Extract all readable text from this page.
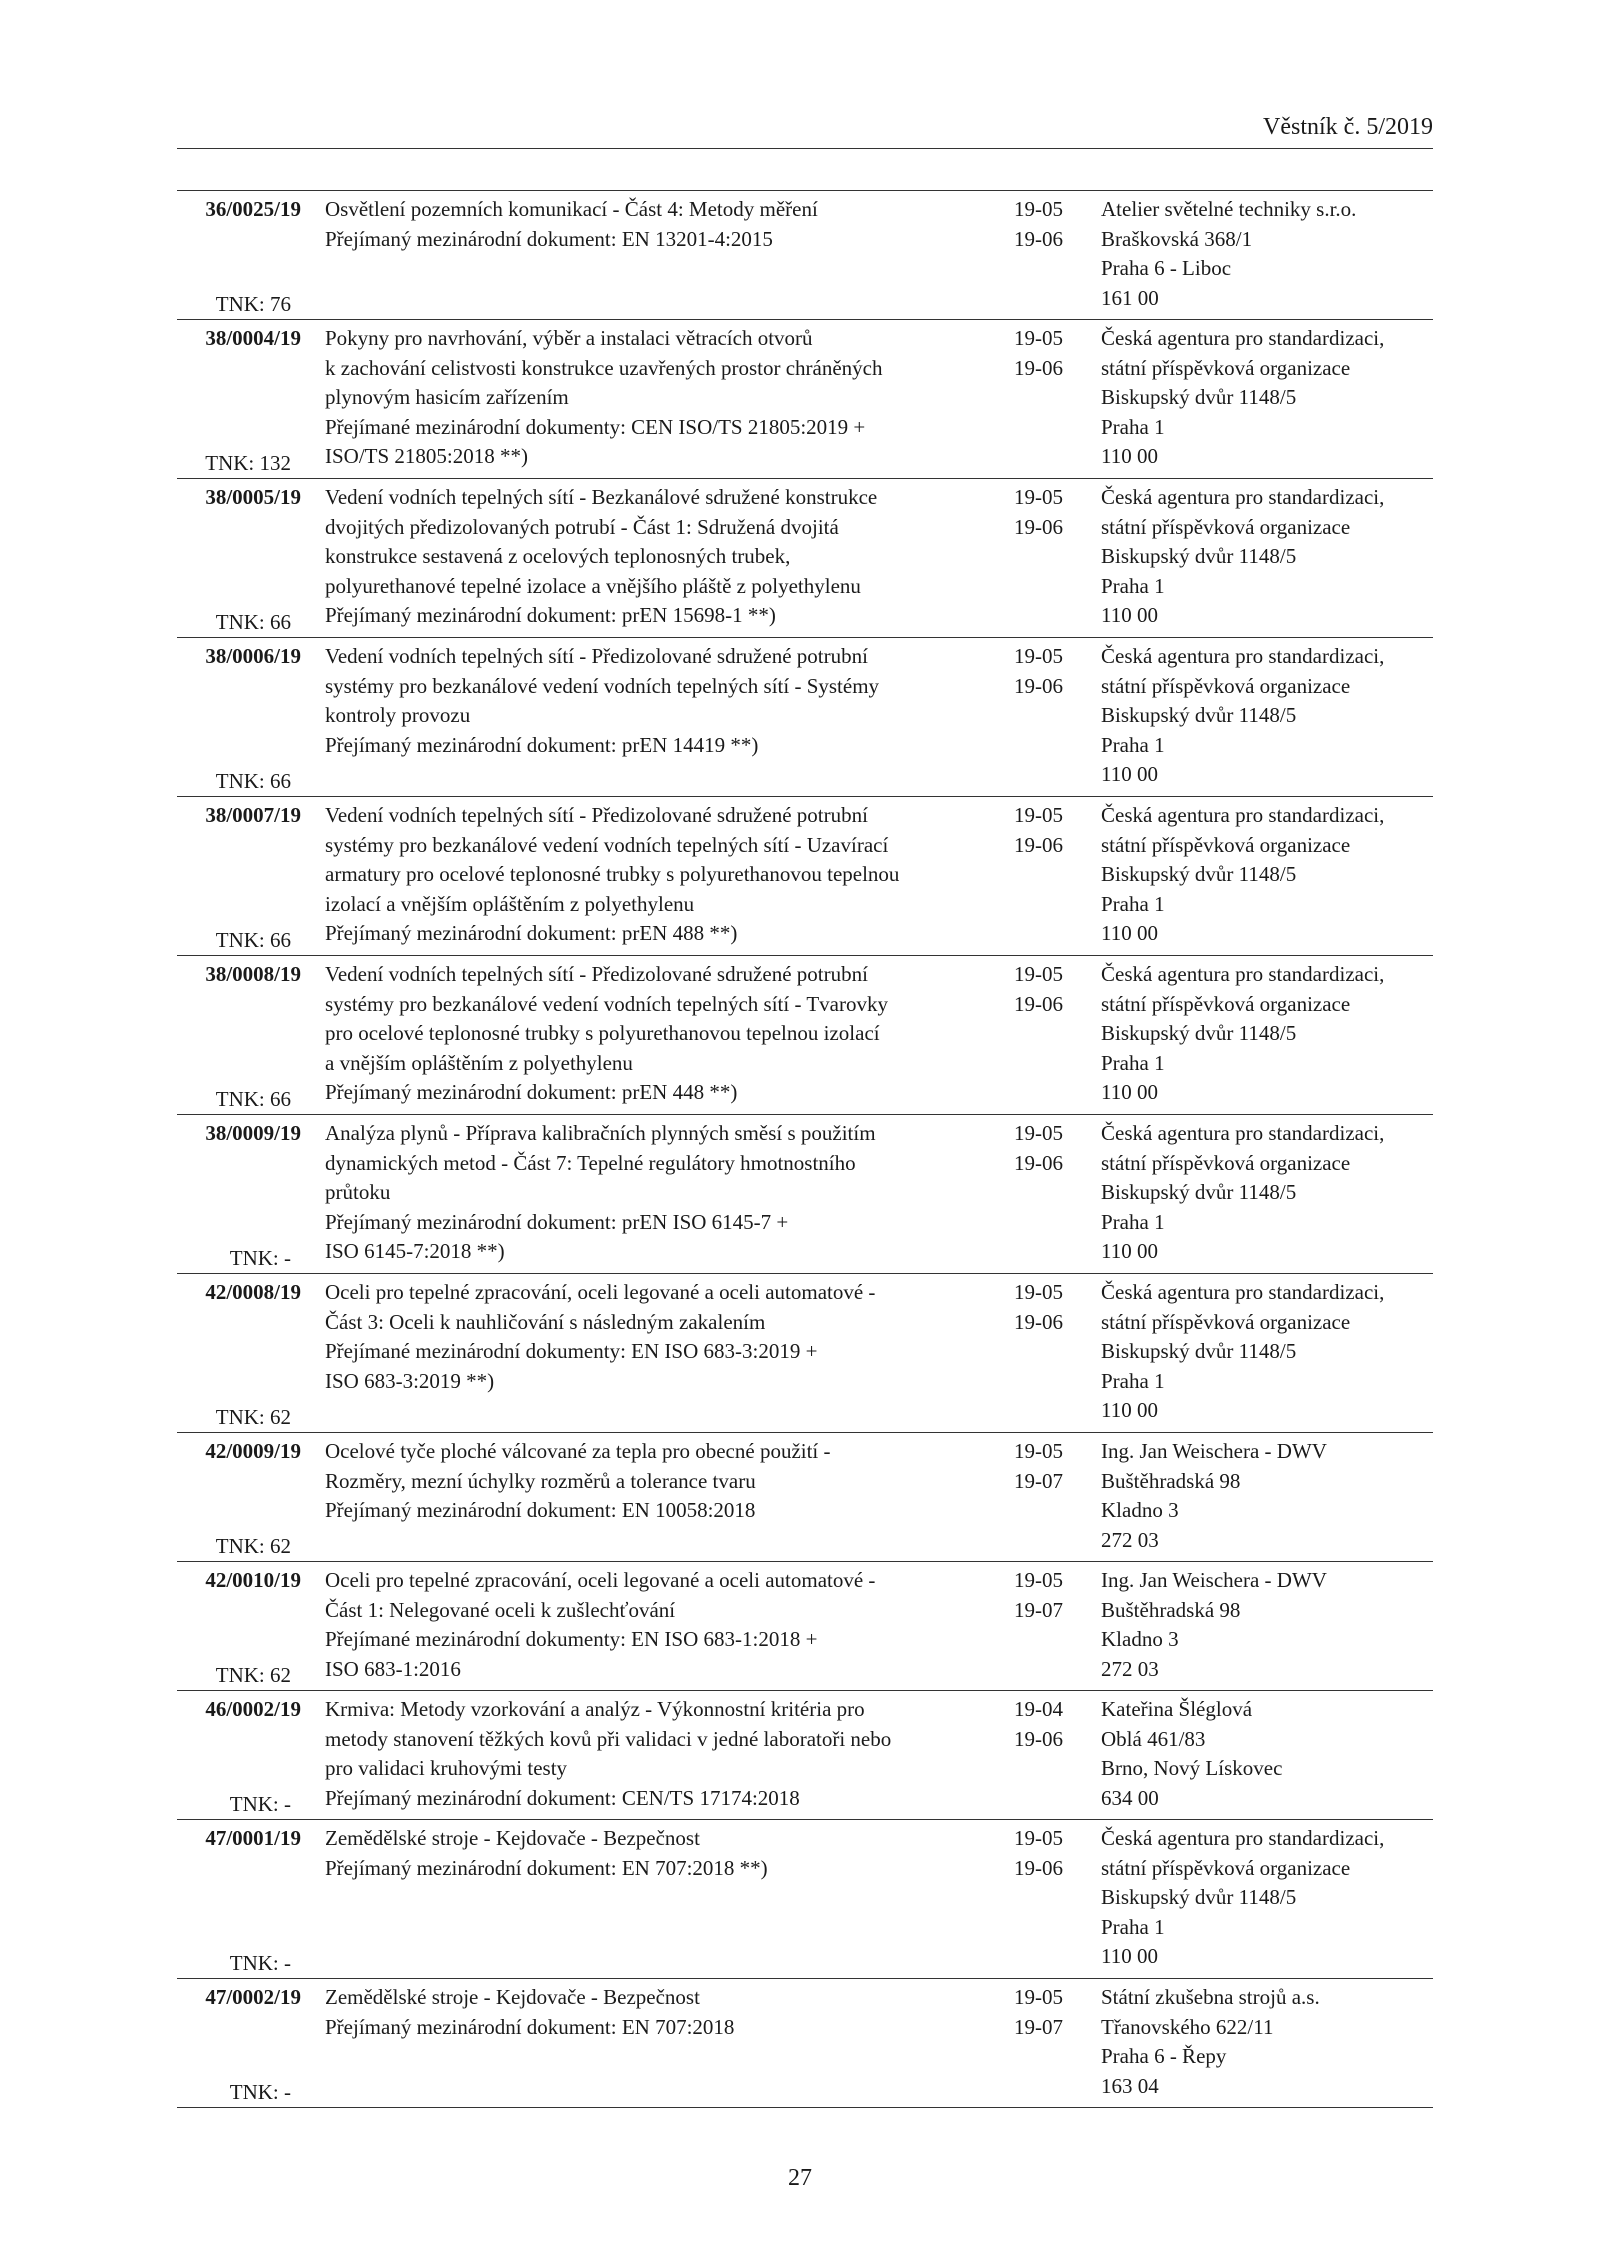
Věstník č. 5/2019
36/0025/19
TNK: 76
Osvětlení pozemních komunikací - Část 4: Metody měření
Přejímaný mezinárodní dokument: EN 13201-4:2015
19-05
19-06
Atelier světelné techniky s.r.o.
Braškovská 368/1
Praha 6 - Liboc
161 00
38/0004/19
TNK: 132
Pokyny pro navrhování, výběr a instalaci větracích otvorů
k zachování celistvosti konstrukce uzavřených prostor chráněných
plynovým hasicím zařízením
Přejímané mezinárodní dokumenty: CEN ISO/TS 21805:2019 +
ISO/TS 21805:2018 **)
19-05
19-06
Česká agentura pro standardizaci,
státní příspěvková organizace
Biskupský dvůr 1148/5
Praha 1
110 00
38/0005/19
TNK: 66
Vedení vodních tepelných sítí - Bezkanálové sdružené konstrukce
dvojitých předizolovaných potrubí - Část 1: Sdružená dvojitá
konstrukce sestavená z ocelových teplonosných trubek,
polyurethanové tepelné izolace a vnějšího pláště z polyethylenu
Přejímaný mezinárodní dokument: prEN 15698-1 **)
19-05
19-06
Česká agentura pro standardizaci,
státní příspěvková organizace
Biskupský dvůr 1148/5
Praha 1
110 00
38/0006/19
TNK: 66
Vedení vodních tepelných sítí - Předizolované sdružené potrubní
systémy pro bezkanálové vedení vodních tepelných sítí - Systémy
kontroly provozu
Přejímaný mezinárodní dokument: prEN 14419 **)
19-05
19-06
Česká agentura pro standardizaci,
státní příspěvková organizace
Biskupský dvůr 1148/5
Praha 1
110 00
38/0007/19
TNK: 66
Vedení vodních tepelných sítí - Předizolované sdružené potrubní
systémy pro bezkanálové vedení vodních tepelných sítí - Uzavírací
armatury pro ocelové teplonosné trubky s polyurethanovou tepelnou
izolací a vnějším opláštěním z polyethylenu
Přejímaný mezinárodní dokument: prEN 488 **)
19-05
19-06
Česká agentura pro standardizaci,
státní příspěvková organizace
Biskupský dvůr 1148/5
Praha 1
110 00
38/0008/19
TNK: 66
Vedení vodních tepelných sítí - Předizolované sdružené potrubní
systémy pro bezkanálové vedení vodních tepelných sítí - Tvarovky
pro ocelové teplonosné trubky s polyurethanovou tepelnou izolací
a vnějším opláštěním z polyethylenu
Přejímaný mezinárodní dokument: prEN 448 **)
19-05
19-06
Česká agentura pro standardizaci,
státní příspěvková organizace
Biskupský dvůr 1148/5
Praha 1
110 00
38/0009/19
TNK: -
Analýza plynů - Příprava kalibračních plynných směsí s použitím
dynamických metod - Část 7: Tepelné regulátory hmotnostního
průtoku
Přejímaný mezinárodní dokument: prEN ISO 6145-7 +
ISO 6145-7:2018 **)
19-05
19-06
Česká agentura pro standardizaci,
státní příspěvková organizace
Biskupský dvůr 1148/5
Praha 1
110 00
42/0008/19
TNK: 62
Oceli pro tepelné zpracování, oceli legované a oceli automatové -
Část 3: Oceli k nauhličování s následným zakalením
Přejímané mezinárodní dokumenty: EN ISO 683-3:2019 +
ISO 683-3:2019 **)
19-05
19-06
Česká agentura pro standardizaci,
státní příspěvková organizace
Biskupský dvůr 1148/5
Praha 1
110 00
42/0009/19
TNK: 62
Ocelové tyče ploché válcované za tepla pro obecné použití -
Rozměry, mezní úchylky rozměrů a tolerance tvaru
Přejímaný mezinárodní dokument: EN 10058:2018
19-05
19-07
Ing. Jan Weischera - DWV
Buštěhradská 98
Kladno 3
272 03
42/0010/19
TNK: 62
Oceli pro tepelné zpracování, oceli legované a oceli automatové -
Část 1: Nelegované oceli k zušlechťování
Přejímané mezinárodní dokumenty: EN ISO 683-1:2018 +
ISO 683-1:2016
19-05
19-07
Ing. Jan Weischera - DWV
Buštěhradská 98
Kladno 3
272 03
46/0002/19
TNK: -
Krmiva: Metody vzorkování a analýz - Výkonnostní kritéria pro
metody stanovení těžkých kovů při validaci v jedné laboratoři nebo
pro validaci kruhovými testy
Přejímaný mezinárodní dokument: CEN/TS 17174:2018
19-04
19-06
Kateřina Šléglová
Oblá 461/83
Brno, Nový Lískovec
634 00
47/0001/19
TNK: -
Zemědělské stroje - Kejdovače - Bezpečnost
Přejímaný mezinárodní dokument: EN 707:2018 **)
19-05
19-06
Česká agentura pro standardizaci,
státní příspěvková organizace
Biskupský dvůr 1148/5
Praha 1
110 00
47/0002/19
TNK: -
Zemědělské stroje - Kejdovače - Bezpečnost
Přejímaný mezinárodní dokument: EN 707:2018
19-05
19-07
Státní zkušebna strojů a.s.
Třanovského 622/11
Praha 6 - Řepy
163 04
27
